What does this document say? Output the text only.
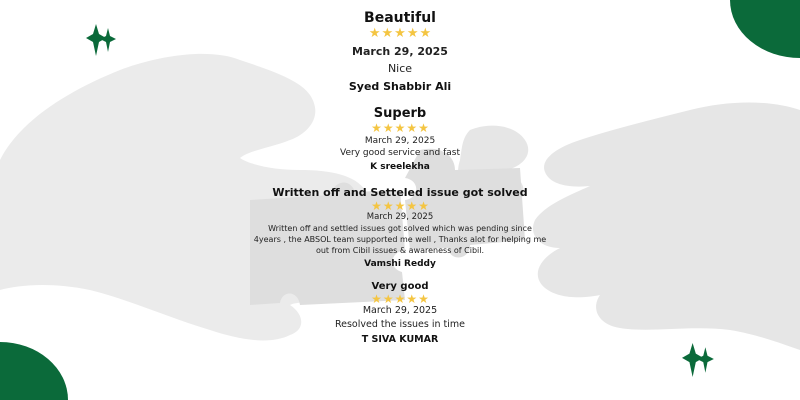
Beautiful
★ ★ ★ ★ ★
March 29, 2025
Nice
Syed Shabbir Ali
Superb
★ ★ ★ ★ ★
March 29, 2025
Very good service and fast
K sreelekha
Written off and Setteled issue got solved
★ ★ ★ ★ ★
March 29, 2025
Written off and settled issues got solved which was pending since
4years , the ABSOL team supported me well , Thanks alot for helping me
out from Cibil issues & awareness of Cibil.
Vamshi Reddy
Very good
★ ★ ★ ★ ★
March 29, 2025
Resolved the issues in time
T SIVA KUMAR
